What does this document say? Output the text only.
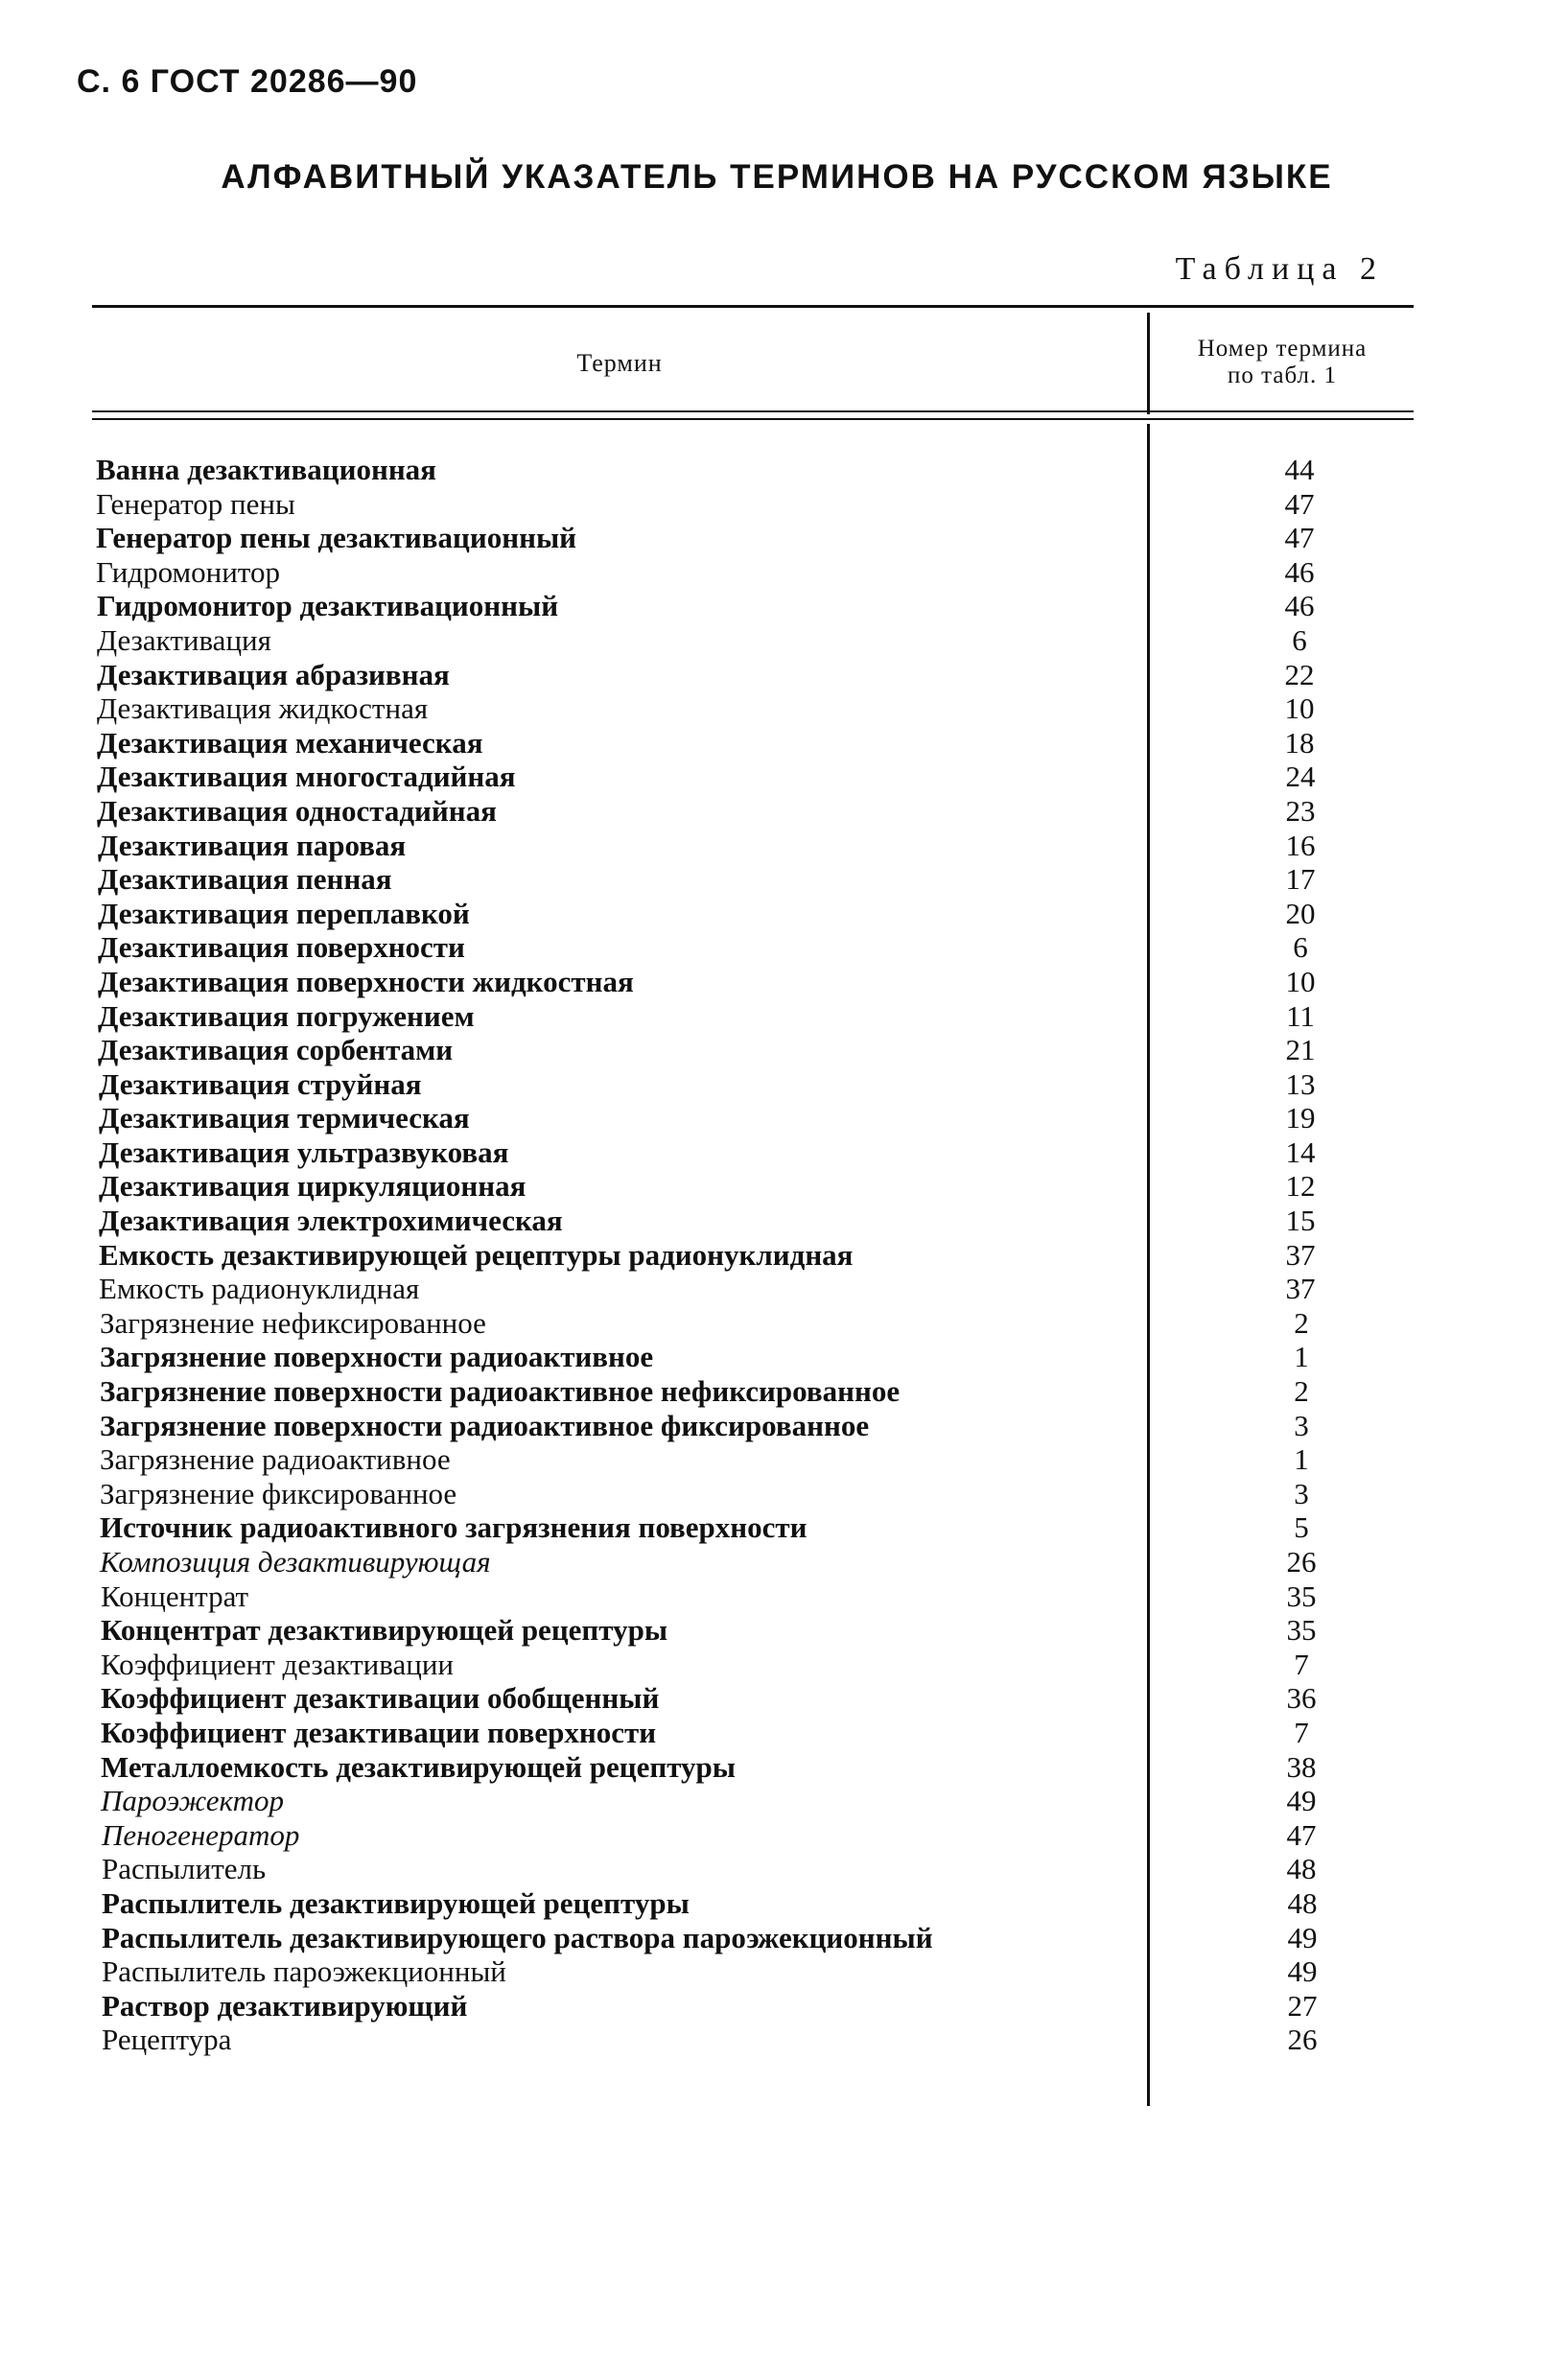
С. 6 ГОСТ 20286—90
АЛФАВИТНЫЙ УКАЗАТЕЛЬ ТЕРМИНОВ НА РУССКОМ ЯЗЫКЕ
Таблица 2
Термин
Номер термина
по табл. 1
Ванна дезактивационная	44
Генератор пены	47
Генератор пены дезактивационный	47
Гидромонитор	46
Гидромонитор дезактивационный	46
Дезактивация	6
Дезактивация абразивная	22
Дезактивация жидкостная	10
Дезактивация механическая	18
Дезактивация многостадийная	24
Дезактивация одностадийная	23
Дезактивация паровая	16
Дезактивация пенная	17
Дезактивация переплавкой	20
Дезактивация поверхности	6
Дезактивация поверхности жидкостная	10
Дезактивация погружением	11
Дезактивация сорбентами	21
Дезактивация струйная	13
Дезактивация термическая	19
Дезактивация ультразвуковая	14
Дезактивация циркуляционная	12
Дезактивация электрохимическая	15
Емкость дезактивирующей рецептуры радионуклидная	37
Емкость радионуклидная	37
Загрязнение нефиксированное	2
Загрязнение поверхности радиоактивное	1
Загрязнение поверхности радиоактивное нефиксированное	2
Загрязнение поверхности радиоактивное фиксированное	3
Загрязнение радиоактивное	1
Загрязнение фиксированное	3
Источник радиоактивного загрязнения поверхности	5
Композиция дезактивирующая	26
Концентрат	35
Концентрат дезактивирующей рецептуры	35
Коэффициент дезактивации	7
Коэффициент дезактивации обобщенный	36
Коэффициент дезактивации поверхности	7
Металлоемкость дезактивирующей рецептуры	38
Пароэжектор	49
Пеногенератор	47
Распылитель	48
Распылитель дезактивирующей рецептуры	48
Распылитель дезактивирующего раствора пароэжекционный	49
Распылитель пароэжекционный	49
Раствор дезактивирующий	27
Рецептура	26
